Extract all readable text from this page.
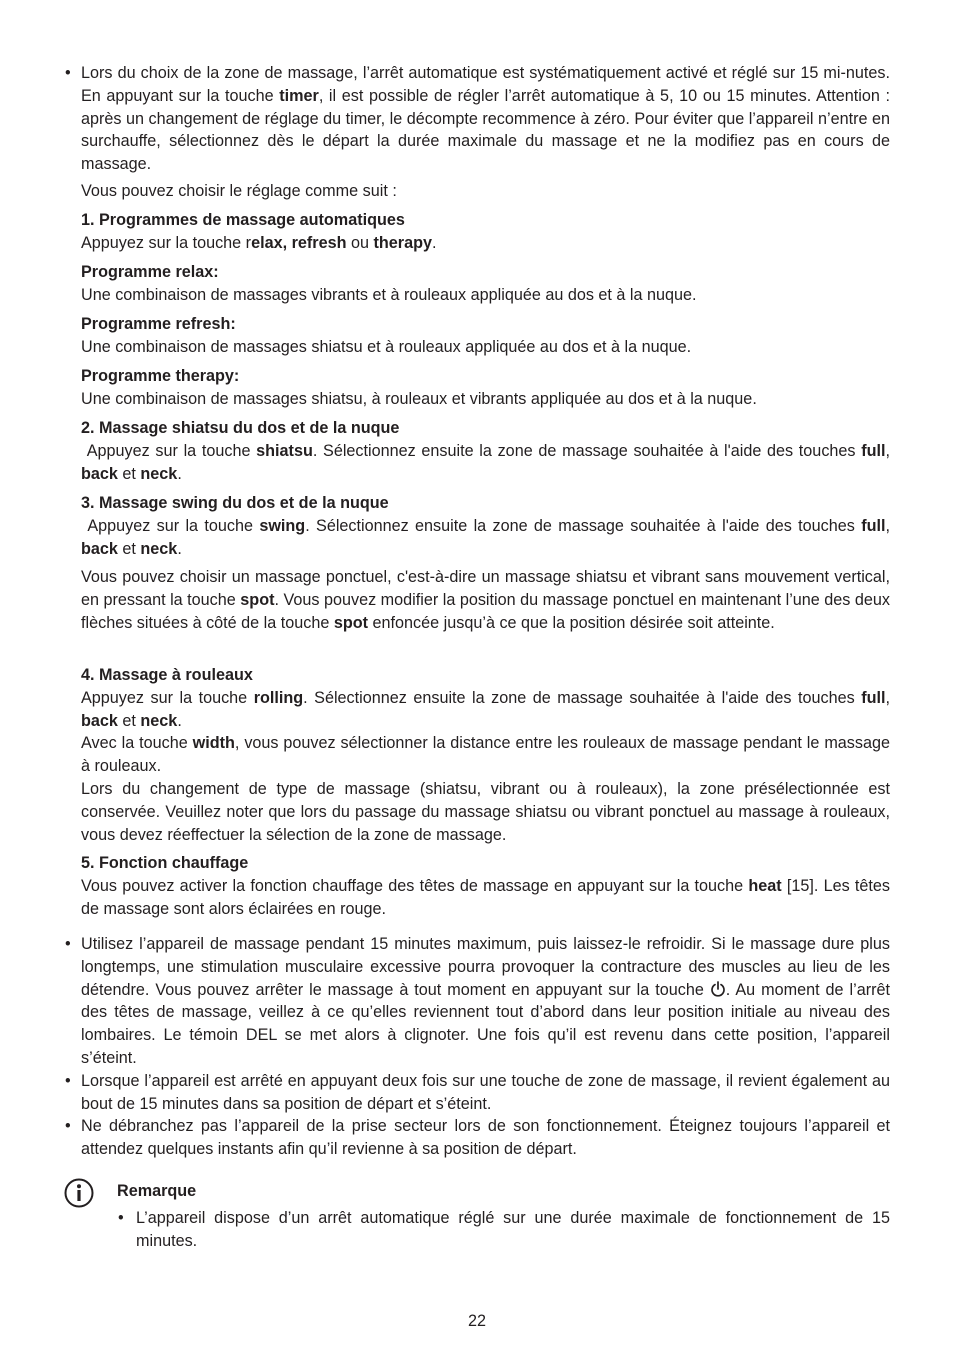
• Lors du choix de la zone de massage, l’arrêt automatique est systématiquement activé et réglé sur 15 mi-nutes. En appuyant sur la touche timer, il est possible de régler l’arrêt automatique à 5, 10 ou 15 minutes. Attention : après un changement de réglage du timer, le décompte recommence à zéro. Pour éviter que l’appareil n’entre en surchauffe, sélectionnez dès le départ la durée maximale du massage et ne la modifiez pas en cours de massage.
Vous pouvez choisir le réglage comme suit :
1. Programmes de massage automatiques
Appuyez sur la touche relax, refresh ou therapy.
Programme relax:
Une combinaison de massages vibrants et à rouleaux appliquée au dos et à la nuque.
Programme refresh:
Une combinaison de massages shiatsu et à rouleaux appliquée au dos et à la nuque.
Programme therapy:
Une combinaison de massages shiatsu, à rouleaux et vibrants appliquée au dos et à la nuque.
2. Massage shiatsu du dos et de la nuque
Appuyez sur la touche shiatsu. Sélectionnez ensuite la zone de massage souhaitée à l'aide des touches full, back et neck.
3. Massage swing du dos et de la nuque
Appuyez sur la touche swing. Sélectionnez ensuite la zone de massage souhaitée à l'aide des touches full, back et neck.
Vous pouvez choisir un massage ponctuel, c'est-à-dire un massage shiatsu et vibrant sans mouvement vertical, en pressant la touche spot. Vous pouvez modifier la position du massage ponctuel en maintenant l’une des deux flèches situées à côté de la touche spot enfoncée jusqu’à ce que la position désirée soit atteinte.
4. Massage à rouleaux
Appuyez sur la touche rolling. Sélectionnez ensuite la zone de massage souhaitée à l'aide des touches full, back et neck.
Avec la touche width, vous pouvez sélectionner la distance entre les rouleaux de massage pendant le massage à rouleaux.
Lors du changement de type de massage (shiatsu, vibrant ou à rouleaux), la zone présélectionnée est conservée. Veuillez noter que lors du passage du massage shiatsu ou vibrant ponctuel au massage à rouleaux, vous devez réeffectuer la sélection de la zone de massage.
5. Fonction chauffage
Vous pouvez activer la fonction chauffage des têtes de massage en appuyant sur la touche heat [15]. Les têtes de massage sont alors éclairées en rouge.
• Utilisez l’appareil de massage pendant 15 minutes maximum, puis laissez-le refroidir. Si le massage dure plus longtemps, une stimulation musculaire excessive pourra provoquer la contracture des muscles au lieu de les détendre. Vous pouvez arrêter le massage à tout moment en appuyant sur la touche . Au moment de l’arrêt des têtes de massage, veillez à ce qu’elles reviennent tout d’abord dans leur position initiale au niveau des lombaires. Le témoin DEL se met alors à clignoter. Une fois qu’il est revenu dans cette position, l’appareil s’éteint.
• Lorsque l’appareil est arrêté en appuyant deux fois sur une touche de zone de massage, il revient également au bout de 15 minutes dans sa position de départ et s’éteint.
• Ne débranchez pas l’appareil de la prise secteur lors de son fonctionnement. Éteignez toujours l’appareil et attendez quelques instants afin qu’il revienne à sa position de départ.
Remarque
• L’appareil dispose d’un arrêt automatique réglé sur une durée maximale de fonctionnement de 15 minutes.
22
